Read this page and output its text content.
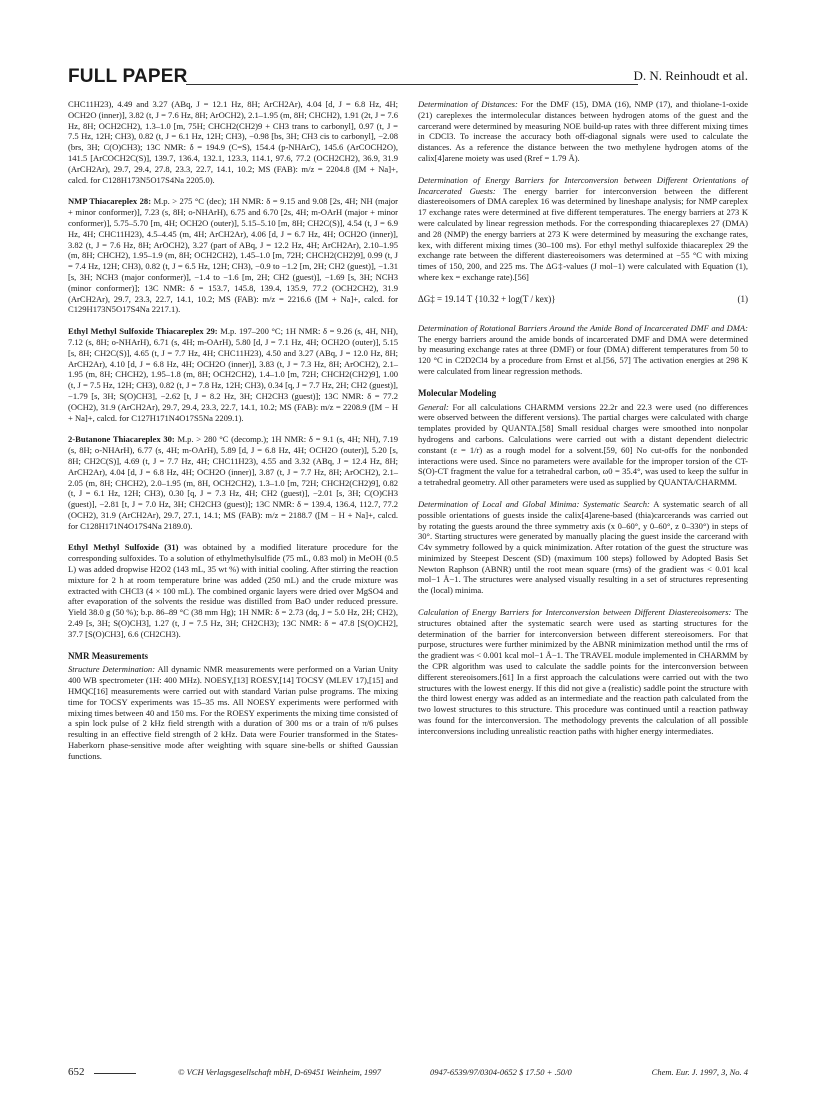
FULL PAPER	D. N. Reinhoudt et al.

CHC11H23), 4.49 and 3.27 (ABq, J = 12.1 Hz, 8H; ArCH2Ar), 4.04 [d, J = 6.8 Hz, 4H; OCH2O (inner)], 3.82 (t, J = 7.6 Hz, 8H; ArOCH2), 2.1–1.95 (m, 8H; CHCH2), 1.91 (2t, J = 7.6 Hz, 8H; OCH2CH2), 1.3–1.0 [m, 75H; CHCH2(CH2)9 + CH3 trans to carbonyl], 0.97 (t, J = 7.5 Hz, 12H; CH3), 0.82 (t, J = 6.1 Hz, 12H; CH3), −0.98 [bs, 3H; CH3 cis to carbonyl], −2.08 (brs, 3H; C(O)CH3); 13C NMR: δ = 194.9 (C=S), 154.4 (p-NHArC), 145.6 (ArCOCH2O), 141.5 [ArCOCH2C(S)], 139.7, 136.4, 132.1, 123.3, 114.1, 97.6, 77.2 (OCH2CH2), 36.9, 31.9 (ArCH2Ar), 29.7, 29.4, 27.8, 23.3, 22.7, 14.1, 10.2; MS (FAB): m/z = 2204.8 ([M + Na]+, calcd. for C128H173N5O17S4Na 2205.0).

NMP Thiacareplex 28: M.p. > 275 °C (dec); 1H NMR: δ = 9.15 and 9.08 [2s, 4H; NH (major + minor conformer)], 7.23 (s, 8H; o-NHArH), 6.75 and 6.70 [2s, 4H; m-OArH (major + minor conformer)], 5.75–5.70 [m, 4H; OCH2O (outer)], 5.15–5.10 [m, 8H; CH2C(S)], 4.54 (t, J = 6.9 Hz, 4H; CHC11H23), 4.5–4.45 (m, 4H; ArCH2Ar), 4.06 [d, J = 6.7 Hz, 4H; OCH2O (inner)], 3.82 (t, J = 7.6 Hz, 8H; ArOCH2), 3.27 (part of ABq, J = 12.2 Hz, 4H; ArCH2Ar), 2.10–1.95 (m, 8H; CHCH2), 1.95–1.9 (m, 8H; OCH2CH2), 1.45–1.0 [m, 72H; CHCH2(CH2)9], 0.99 (t, J = 7.4 Hz, 12H; CH3), 0.82 (t, J = 6.5 Hz, 12H; CH3), −0.9 to −1.2 [m, 2H; CH2 (guest)], −1.31 [s, 3H; NCH3 (major conformer)], −1.4 to −1.6 [m, 2H; CH2 (guest)], −1.69 [s, 3H; NCH3 (minor conformer)]; 13C NMR: δ = 153.7, 145.8, 139.4, 135.9, 77.2 (OCH2CH2), 31.9 (ArCH2Ar), 29.7, 23.3, 22.7, 14.1, 10.2; MS (FAB): m/z = 2216.6 ([M + Na]+, calcd. for C129H173N5O17S4Na 2217.1).

Ethyl Methyl Sulfoxide Thiacareplex 29: M.p. 197–200 °C; 1H NMR: δ = 9.26 (s, 4H, NH), 7.12 (s, 8H; o-NHArH), 6.71 (s, 4H; m-OArH), 5.80 [d, J = 7.1 Hz, 4H; OCH2O (outer)], 5.15 [s, 8H; CH2C(S)], 4.65 (t, J = 7.7 Hz, 4H; CHC11H23), 4.50 and 3.27 (ABq, J = 12.0 Hz, 8H; ArCH2Ar), 4.10 [d, J = 6.8 Hz, 4H; OCH2O (inner)], 3.83 (t, J = 7.3 Hz, 8H; ArOCH2), 2.1–1.95 (m, 8H; CHCH2), 1.95–1.8 (m, 8H; OCH2CH2), 1.4–1.0 [m, 72H; CHCH2(CH2)9], 1.00 (t, J = 7.5 Hz, 12H; CH3), 0.82 (t, J = 7.8 Hz, 12H; CH3), 0.34 [q, J = 7.7 Hz, 2H; CH2 (guest)], −1.79 [s, 3H; S(O)CH3], −2.62 [t, J = 8.2 Hz, 3H; CH2CH3 (guest)]; 13C NMR: δ = 77.2 (OCH2), 31.9 (ArCH2Ar), 29.7, 29.4, 23.3, 22.7, 14.1, 10.2; MS (FAB): m/z = 2208.9 ([M − H + Na]+, calcd. for C127H171N4O17S5Na 2209.1).

2-Butanone Thiacareplex 30: M.p. > 280 °C (decomp.); 1H NMR: δ = 9.1 (s, 4H; NH), 7.19 (s, 8H; o-NHArH), 6.77 (s, 4H; m-OArH), 5.89 [d, J = 6.8 Hz, 4H; OCH2O (outer)], 5.20 [s, 8H; CH2C(S)], 4.69 (t, J = 7.7 Hz, 4H; CHC11H23), 4.55 and 3.32 (ABq, J = 12.4 Hz, 8H; ArCH2Ar), 4.04 [d, J = 6.8 Hz, 4H; OCH2O (inner)], 3.87 (t, J = 7.7 Hz, 8H; ArOCH2), 2.1–2.05 (m, 8H; CHCH2), 2.0–1.95 (m, 8H, OCH2CH2), 1.3–1.0 [m, 72H; CHCH2(CH2)9], 0.82 (t, J = 6.1 Hz, 12H; CH3), 0.30 [q, J = 7.3 Hz, 4H; CH2 (guest)], −2.01 [s, 3H; C(O)CH3 (guest)], −2.81 [t, J = 7.0 Hz, 3H; CH2CH3 (guest)]; 13C NMR: δ = 139.4, 136.4, 112.7, 77.2 (OCH2), 31.9 (ArCH2Ar), 29.7, 27.1, 14.1; MS (FAB): m/z = 2188.7 ([M − H + Na]+, calcd. for C128H171N4O17S4Na 2189.0).

Ethyl Methyl Sulfoxide (31) was obtained by a modified literature procedure for the corresponding sulfoxides. To a solution of ethylmethylsulfide (75 mL, 0.83 mol) in MeOH (0.5 L) was added dropwise H2O2 (143 mL, 35 wt %) with initial cooling. After stirring the reaction mixture for 2 h at room temperature brine was added (250 mL) and the crude mixture was extracted with CHCl3 (4 × 100 mL). The combined organic layers were dried over MgSO4 and after evaporation of the solvents the residue was distilled from BaO under reduced pressure. Yield 38.0 g (50 %); b.p. 86–89 °C (38 mm Hg); 1H NMR: δ = 2.73 (dq, J = 5.0 Hz, 2H; CH2), 2.49 [s, 3H; S(O)CH3], 1.27 (t, J = 7.5 Hz, 3H; CH2CH3); 13C NMR: δ = 47.8 [S(O)CH2], 37.7 [S(O)CH3], 6.6 (CH2CH3).

NMR Measurements

Structure Determination: All dynamic NMR measurements were performed on a Varian Unity 400 WB spectrometer (1H: 400 MHz). NOESY,[13] ROESY,[14] TOCSY (MLEV 17),[15] and HMQC[16] measurements were carried out with standard Varian pulse programs. The mixing time for TOCSY experiments was 15–35 ms. All NOESY experiments were performed with mixing times between 40 and 150 ms. For the ROESY experiments the mixing time consisted of a spin lock pulse of 2 kHz field strength with a duration of 300 ms or a train of π/6 pulses resulting in an effective field strength of 2 kHz. Data were Fourier transformed in the States-Haberkorn phase-sensitive mode after weighting with square sine-bells or shifted Gaussian functions.

Determination of Distances: For the DMF (15), DMA (16), NMP (17), and thiolane-1-oxide (21) careplexes the intermolecular distances between hydrogen atoms of the guest and the carcerand were determined by measuring NOE build-up rates with three different mixing times in CDCl3. To increase the accuracy both off-diagonal signals were used to calculate the distances. As a reference the distance between the two methylene hydrogen atoms of the calix[4]arene moiety was used (Rref = 1.79 Å).

Determination of Energy Barriers for Interconversion between Different Orientations of Incarcerated Guests: The energy barrier for interconversion between the different diastereoisomers of DMA careplex 16 was determined by lineshape analysis; for NMP careplex 17 exchange rates were determined at five different temperatures. The energy barriers at 273 K were calculated by linear regression methods. For the corresponding thiacareplexes 27 (DMA) and 28 (NMP) the energy barriers at 273 K were determined by measuring the exchange rates, kex, with different mixing times (30–100 ms). For ethyl methyl sulfoxide thiacareplex 29 the exchange rate between the different diastereoisomers was determined at −55 °C with mixing times of 150, 200, and 225 ms. The ΔG‡-values (J mol−1) were calculated with Equation (1), where kex = exchange rate).[56]

ΔG‡ = 19.14 T {10.32 + log(T / kex)}	(1)

Determination of Rotational Barriers Around the Amide Bond of Incarcerated DMF and DMA: The energy barriers around the amide bonds of incarcerated DMF and DMA were determined by measuring exchange rates at three (DMF) or four (DMA) different temperatures from 50 to 120 °C in C2D2Cl4 by a procedure from Ernst et al.[56, 57] The activation energies at 298 K were calculated from linear regression methods.

Molecular Modeling

General: For all calculations CHARMM versions 22.2r and 22.3 were used (no differences were observed between the different versions). The partial charges were calculated with charge templates provided by QUANTA.[58] Small residual charges were smoothed into nonpolar hydrogens and carbons. Calculations were carried out with a distant dependent dielectric constant (ε = 1/r) as a rough model for a solvent.[59, 60] No cut-offs for the nonbonded interactions were used. Since no parameters were available for the improper torsion of the CT-S(O)-CT fragment the value for a tetrahedral carbon, ω0 = 35.4°, was used to keep the sulfur in a tetrahedral geometry. All other parameters were used as supplied by QUANTA/CHARMM.

Determination of Local and Global Minima: Systematic Search: A systematic search of all possible orientations of guests inside the calix[4]arene-based (thia)carcerands was carried out by rotating the guests around the three symmetry axis (x 0–60°, y 0–60°, z 0–330°) in steps of 30°. Starting structures were generated by manually placing the guest inside the carcerand with C4v symmetry followed by a quick minimization. After rotation of the guest the structure was minimized by Steepest Descent (SD) (maximum 100 steps) followed by Adopted Basis Set Newton Raphson (ABNR) until the root mean square (rms) of the gradient was < 0.01 kcal mol−1 Å−1. The structures were analysed visually resulting in a set of structures representing the (local) minima.

Calculation of Energy Barriers for Interconversion between Different Diastereoisomers: The structures obtained after the systematic search were used as starting structures for the determination of the barrier for interconversion between different stereoisomers. For that purpose, structures were further minimized by the ABNR minimization method until the rms of the gradient was < 0.001 kcal mol−1 Å−1. The TRAVEL module implemented in CHARMM by the CPR algorithm was used to calculate the saddle points for the interconversion between different stereoisomers.[61] In a first approach the calculations were carried out with the two structures with the lowest energy. If this did not give a (realistic) saddle point the structure with the third lowest energy was added as an intermediate and the reaction path calculated from the two lowest structures to this structure. This procedure was continued until a reaction pathway was found for the interconversion. The methodology prevents the calculation of all possible interconversions including unrealistic reaction paths with higher energy intermediates.

652	© VCH Verlagsgesellschaft mbH, D-69451 Weinheim, 1997	0947-6539/97/0304-0652 $ 17.50 + .50/0	Chem. Eur. J. 1997, 3, No. 4
